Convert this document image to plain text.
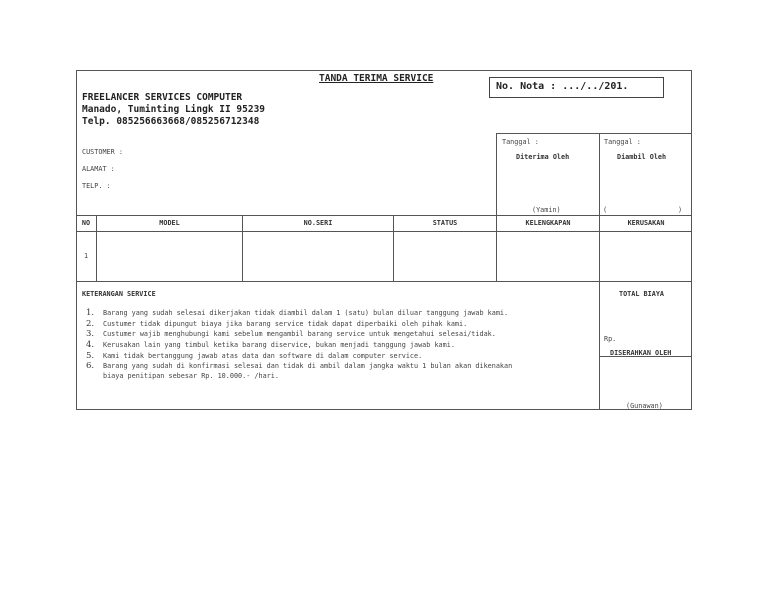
TANDA TERIMA SERVICE
No. Nota : .../../201.
FREELANCER SERVICES COMPUTER
Manado, Tuminting Lingk II 95239
Telp. 085256663668/085256712348
CUSTOMER :
ALAMAT :
TELP. :
Tanggal :	Tanggal :
Diterima Oleh	Diambil Oleh
(Yamin)	(	)
NO	MODEL	NO.SERI	STATUS	KELENGKAPAN	KERUSAKAN
1
KETERANGAN SERVICE
1. Barang yang sudah selesai dikerjakan tidak diambil dalam 1 (satu) bulan diluar tanggung jawab kami.
2. Custumer tidak dipungut biaya jika barang service tidak dapat diperbaiki oleh pihak kami.
3. Custumer wajib menghubungi kami sebelum mengambil barang service untuk mengetahui selesai/tidak.
4. Kerusakan lain yang timbul ketika barang diservice, bukan menjadi tanggung jawab kami.
5. Kami tidak bertanggung jawab atas data dan software di dalam computer service.
6. Barang yang sudah di konfirmasi selesai dan tidak di ambil dalam jangka waktu 1 bulan akan dikenakan
biaya penitipan sebesar Rp. 10.000.- /hari.
TOTAL BIAYA
Rp.
DISERAHKAN OLEH
(Gunawan)
